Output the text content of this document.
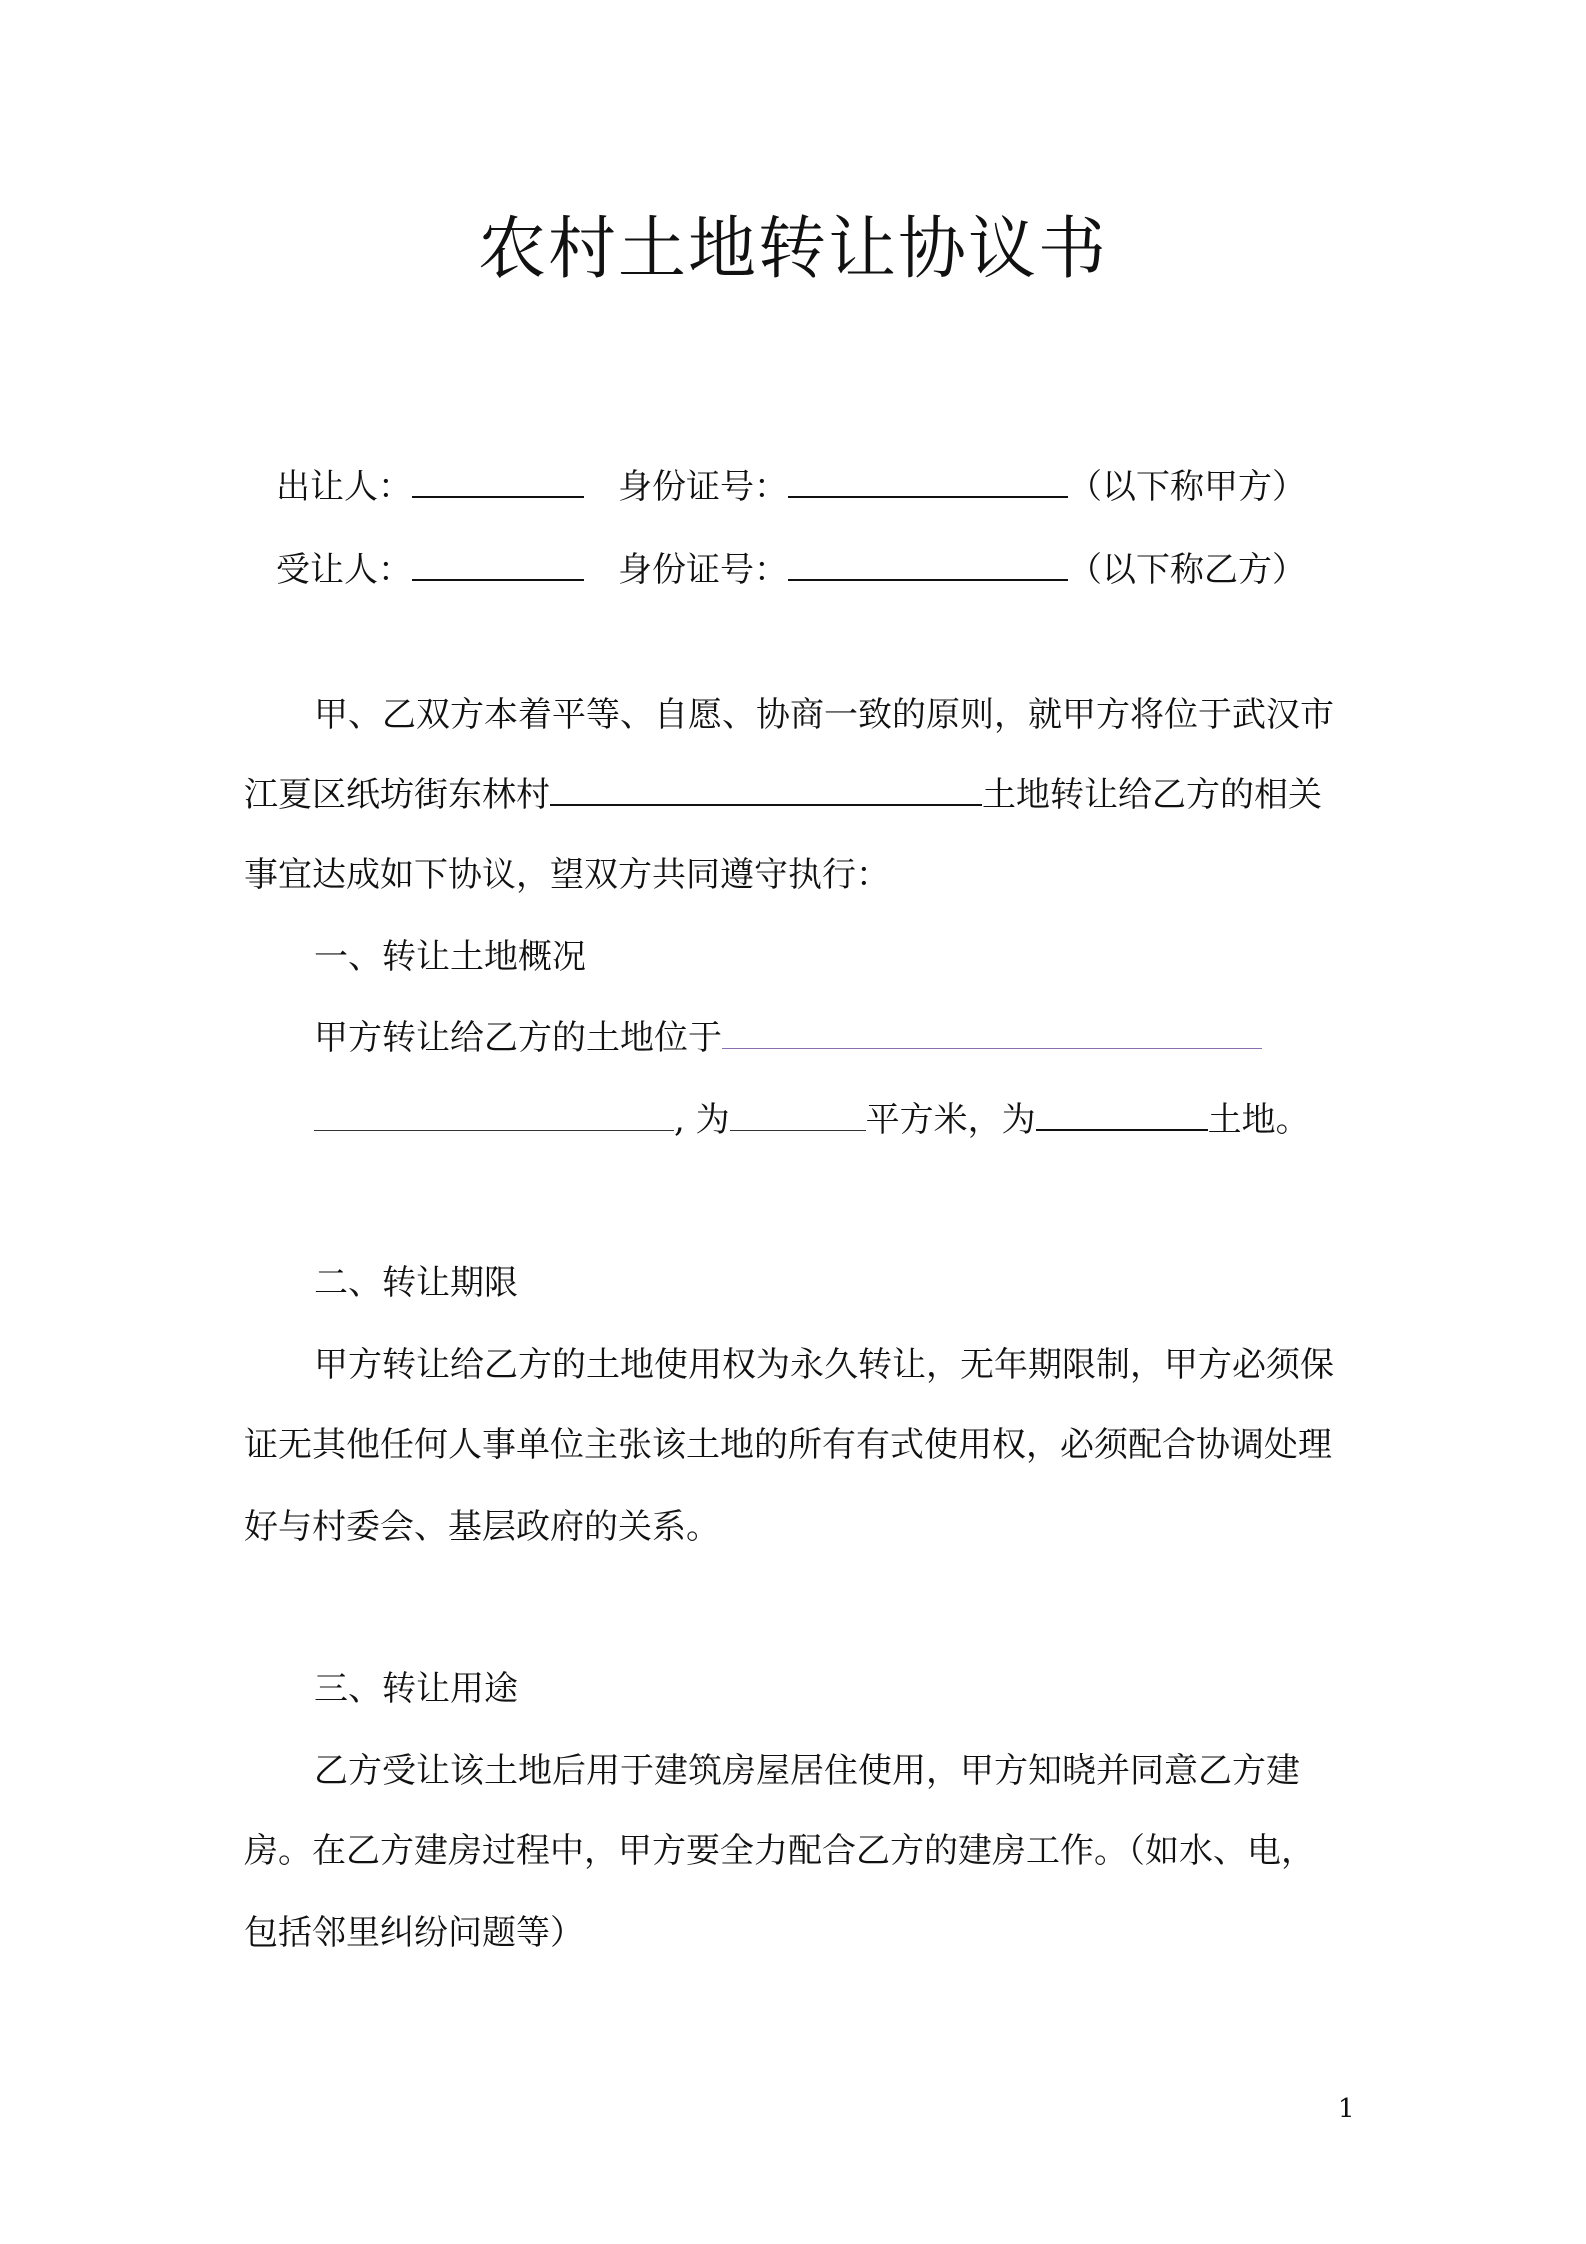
农村土地转让协议书
出让人：	身份证号：	（以下称甲方）
受让人：	身份证号：	（以下称乙方）
甲、乙双方本着平等、自愿、协商一致的原则，就甲方将位于武汉市
江夏区纸坊街东林村	土地转让给乙方的相关
事宜达成如下协议，望双方共同遵守执行：
一、转让土地概况
甲方转让给乙方的土地位于
, 为	平方米，为	土地。
二、转让期限
甲方转让给乙方的土地使用权为永久转让，无年期限制，甲方必须保
证无其他任何人事单位主张该土地的所有有式使用权，必须配合协调处理
好与村委会、基层政府的关系。
三、转让用途
乙方受让该土地后用于建筑房屋居住使用，甲方知晓并同意乙方建
房。在乙方建房过程中，甲方要全力配合乙方的建房工作。（如水、电，
包括邻里纠纷问题等）
1
